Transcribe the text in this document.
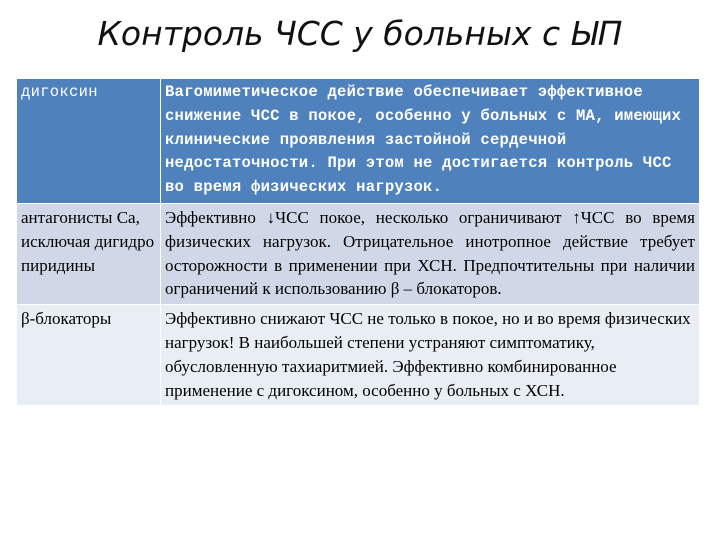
Контроль ЧСС у больных с ЫП
дигоксин	Вагомиметическое действие обеспечивает эффективное снижение ЧСС в покое, особенно у больных с МА, имеющих клинические проявления застойной сердечной недостаточности. При этом не достигается контроль ЧСС во время физических нагрузок.
антагонисты Са, исключая дигидро пиридины	Эффективно ↓ЧСС покое, несколько ограничивают ↑ЧСС во время физических нагрузок. Отрицательное инотропное действие требует осторожности в применении при ХСН. Предпочтительны при наличии ограничений к использованию β – блокаторов.
β-блокаторы	Эффективно снижают ЧСС не только в покое, но и во время физических нагрузок! В наибольшей степени устраняют симптоматику, обусловленную тахиаритмией. Эффективно комбинированное применение с дигоксином, особенно у больных с ХСН.
